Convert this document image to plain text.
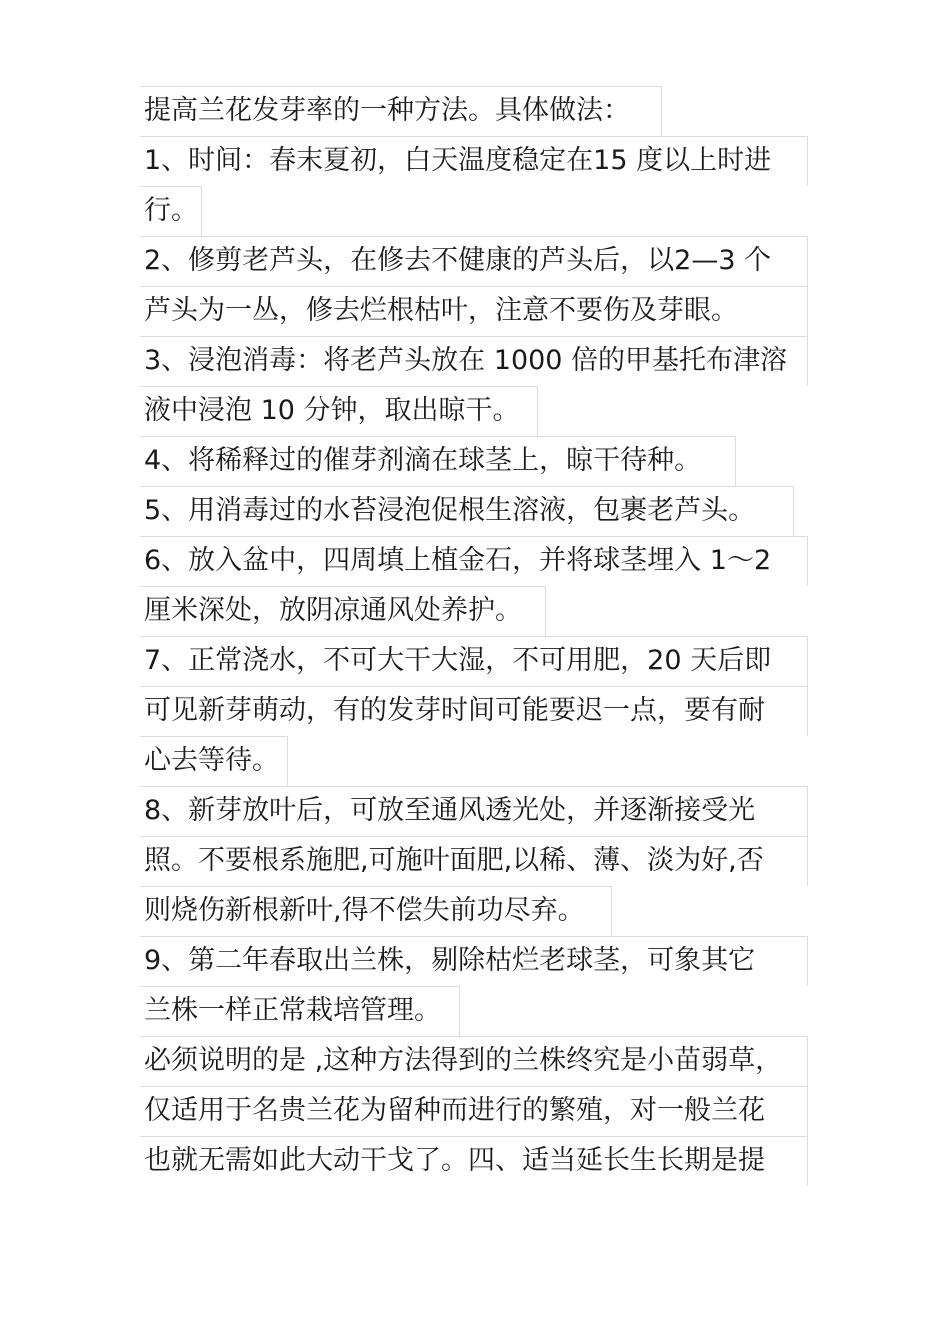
提高兰花发芽率的一种方法。具体做法：
1、时间：春末夏初，白天温度稳定在15 度以上时进
行。
2、修剪老芦头，在修去不健康的芦头后，以2—3 个
芦头为一丛，修去烂根枯叶，注意不要伤及芽眼。
3、浸泡消毒：将老芦头放在 1000 倍的甲基托布津溶
液中浸泡 10 分钟，取出晾干。
4、将稀释过的催芽剂滴在球茎上，晾干待种。
5、用消毒过的水苔浸泡促根生溶液，包裹老芦头。
6、放入盆中，四周填上植金石，并将球茎埋入 1～2
厘米深处，放阴凉通风处养护。
7、正常浇水，不可大干大湿，不可用肥，20 天后即
可见新芽萌动，有的发芽时间可能要迟一点，要有耐
心去等待。
8、新芽放叶后，可放至通风透光处，并逐渐接受光
照。不要根系施肥,可施叶面肥,以稀、薄、淡为好,否
则烧伤新根新叶,得不偿失前功尽弃。
9、第二年春取出兰株，剔除枯烂老球茎，可象其它
兰株一样正常栽培管理。
必须说明的是 ,这种方法得到的兰株终究是小苗弱草，
仅适用于名贵兰花为留种而进行的繁殖，对一般兰花
也就无需如此大动干戈了。四、适当延长生长期是提
